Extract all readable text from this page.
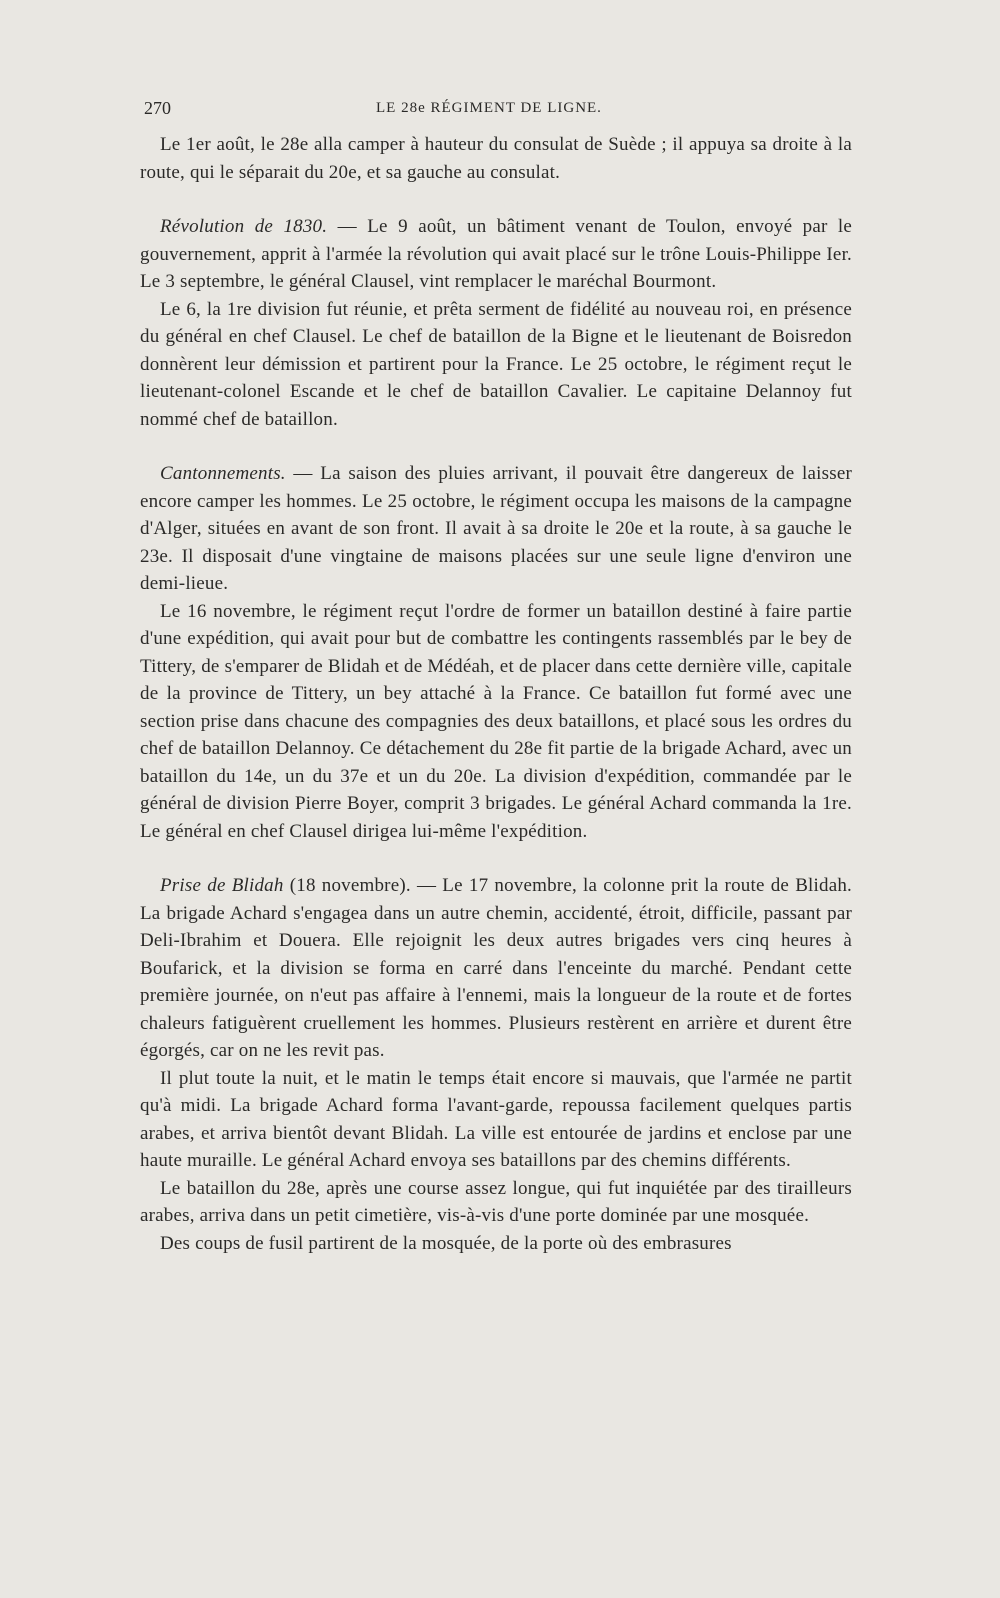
270	LE 28e RÉGIMENT DE LIGNE.

Le 1er août, le 28e alla camper à hauteur du consulat de Suède ; il appuya sa droite à la route, qui le séparait du 20e, et sa gauche au consulat.

Révolution de 1830. — Le 9 août, un bâtiment venant de Toulon, envoyé par le gouvernement, apprit à l'armée la révolution qui avait placé sur le trône Louis-Philippe Ier. Le 3 septembre, le général Clausel, vint remplacer le maréchal Bourmont.

Le 6, la 1re division fut réunie, et prêta serment de fidélité au nouveau roi, en présence du général en chef Clausel. Le chef de bataillon de la Bigne et le lieutenant de Boisredon donnèrent leur démission et partirent pour la France. Le 25 octobre, le régiment reçut le lieutenant-colonel Escande et le chef de bataillon Cavalier. Le capitaine Delannoy fut nommé chef de bataillon.

Cantonnements. — La saison des pluies arrivant, il pouvait être dangereux de laisser encore camper les hommes. Le 25 octobre, le régiment occupa les maisons de la campagne d'Alger, situées en avant de son front. Il avait à sa droite le 20e et la route, à sa gauche le 23e. Il disposait d'une vingtaine de maisons placées sur une seule ligne d'environ une demi-lieue.

Le 16 novembre, le régiment reçut l'ordre de former un bataillon destiné à faire partie d'une expédition, qui avait pour but de combattre les contingents rassemblés par le bey de Tittery, de s'emparer de Blidah et de Médéah, et de placer dans cette dernière ville, capitale de la province de Tittery, un bey attaché à la France. Ce bataillon fut formé avec une section prise dans chacune des compagnies des deux bataillons, et placé sous les ordres du chef de bataillon Delannoy. Ce détachement du 28e fit partie de la brigade Achard, avec un bataillon du 14e, un du 37e et un du 20e. La division d'expédition, commandée par le général de division Pierre Boyer, comprit 3 brigades. Le général Achard commanda la 1re. Le général en chef Clausel dirigea lui-même l'expédition.

Prise de Blidah (18 novembre). — Le 17 novembre, la colonne prit la route de Blidah. La brigade Achard s'engagea dans un autre chemin, accidenté, étroit, difficile, passant par Deli-Ibrahim et Douera. Elle rejoignit les deux autres brigades vers cinq heures à Boufarick, et la division se forma en carré dans l'enceinte du marché. Pendant cette première journée, on n'eut pas affaire à l'ennemi, mais la longueur de la route et de fortes chaleurs fatiguèrent cruellement les hommes. Plusieurs restèrent en arrière et durent être égorgés, car on ne les revit pas.

Il plut toute la nuit, et le matin le temps était encore si mauvais, que l'armée ne partit qu'à midi. La brigade Achard forma l'avant-garde, repoussa facilement quelques partis arabes, et arriva bientôt devant Blidah. La ville est entourée de jardins et enclose par une haute muraille. Le général Achard envoya ses bataillons par des chemins différents.

Le bataillon du 28e, après une course assez longue, qui fut inquiétée par des tirailleurs arabes, arriva dans un petit cimetière, vis-à-vis d'une porte dominée par une mosquée.

Des coups de fusil partirent de la mosquée, de la porte où des embrasures
